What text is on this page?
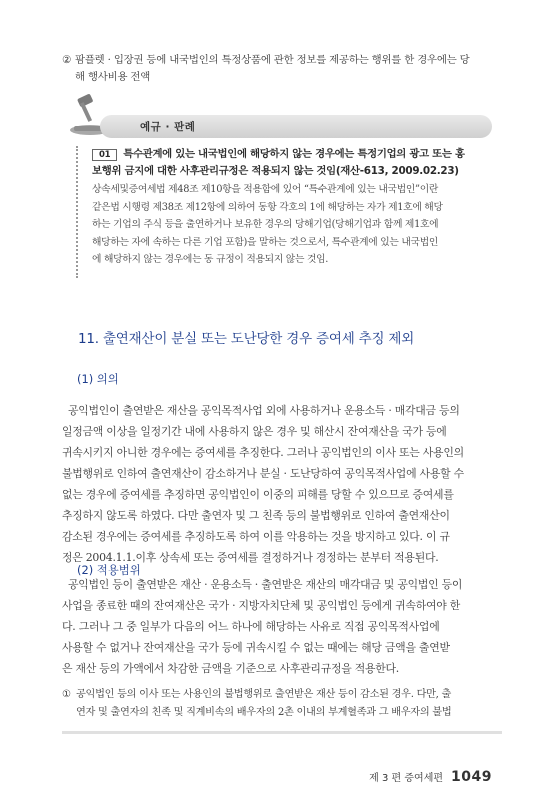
② 팜플렛 · 입장권 등에 내국법인의 특정상품에 관한 정보를 제공하는 행위를 한 경우에는 당
해 행사비용 전액
예규 · 판례
01 특수관계에 있는 내국법인에 해당하지 않는 경우에는 특정기업의 광고 또는 홍
보행위 금지에 대한 사후관리규정은 적용되지 않는 것임(재산-613, 2009.02.23)
상속세및증여세법 제48조 제10항을 적용함에 있어 “특수관계에 있는 내국법인”이란
같은법 시행령 제38조 제12항에 의하여 동항 각호의 1에 해당하는 자가 제1호에 해당
하는 기업의 주식 등을 출연하거나 보유한 경우의 당해기업(당해기업과 함께 제1호에
해당하는 자에 속하는 다른 기업 포함)을 말하는 것으로서, 특수관계에 있는 내국법인
에 해당하지 않는 경우에는 동 규정이 적용되지 않는 것임.
11. 출연재산이 분실 또는 도난당한 경우 증여세 추징 제외
(1) 의의
공익법인이 출연받은 재산을 공익목적사업 외에 사용하거나 운용소득 · 매각대금 등의
일정금액 이상을 일정기간 내에 사용하지 않은 경우 및 해산시 잔여재산을 국가 등에
귀속시키지 아니한 경우에는 증여세를 추징한다. 그러나 공익법인의 이사 또는 사용인의
불법행위로 인하여 출연재산이 감소하거나 분실 · 도난당하여 공익목적사업에 사용할 수
없는 경우에 증여세를 추징하면 공익법인이 이중의 피해를 당할 수 있으므로 증여세를
추징하지 않도록 하였다. 다만 출연자 및 그 친족 등의 불법행위로 인하여 출연재산이
감소된 경우에는 증여세를 추징하도록 하여 이를 악용하는 것을 방지하고 있다. 이 규
정은 2004.1.1.이후 상속세 또는 증여세를 결정하거나 경정하는 분부터 적용된다.
(2) 적용범위
공익법인 등이 출연받은 재산 · 운용소득 · 출연받은 재산의 매각대금 및 공익법인 등이
사업을 종료한 때의 잔여재산은 국가 · 지방자치단체 및 공익법인 등에게 귀속하여야 한
다. 그러나 그 중 일부가 다음의 어느 하나에 해당하는 사유로 직접 공익목적사업에
사용할 수 없거나 잔여재산을 국가 등에 귀속시킬 수 없는 때에는 해당 금액을 출연받
은 재산 등의 가액에서 차감한 금액을 기준으로 사후관리규정을 적용한다.
① 공익법인 등의 이사 또는 사용인의 불법행위로 출연받은 재산 등이 감소된 경우. 다만, 출
연자 및 출연자의 친족 및 직계비속의 배우자의 2촌 이내의 부계혈족과 그 배우자의 불법
제 3 편 증여세편 1049
